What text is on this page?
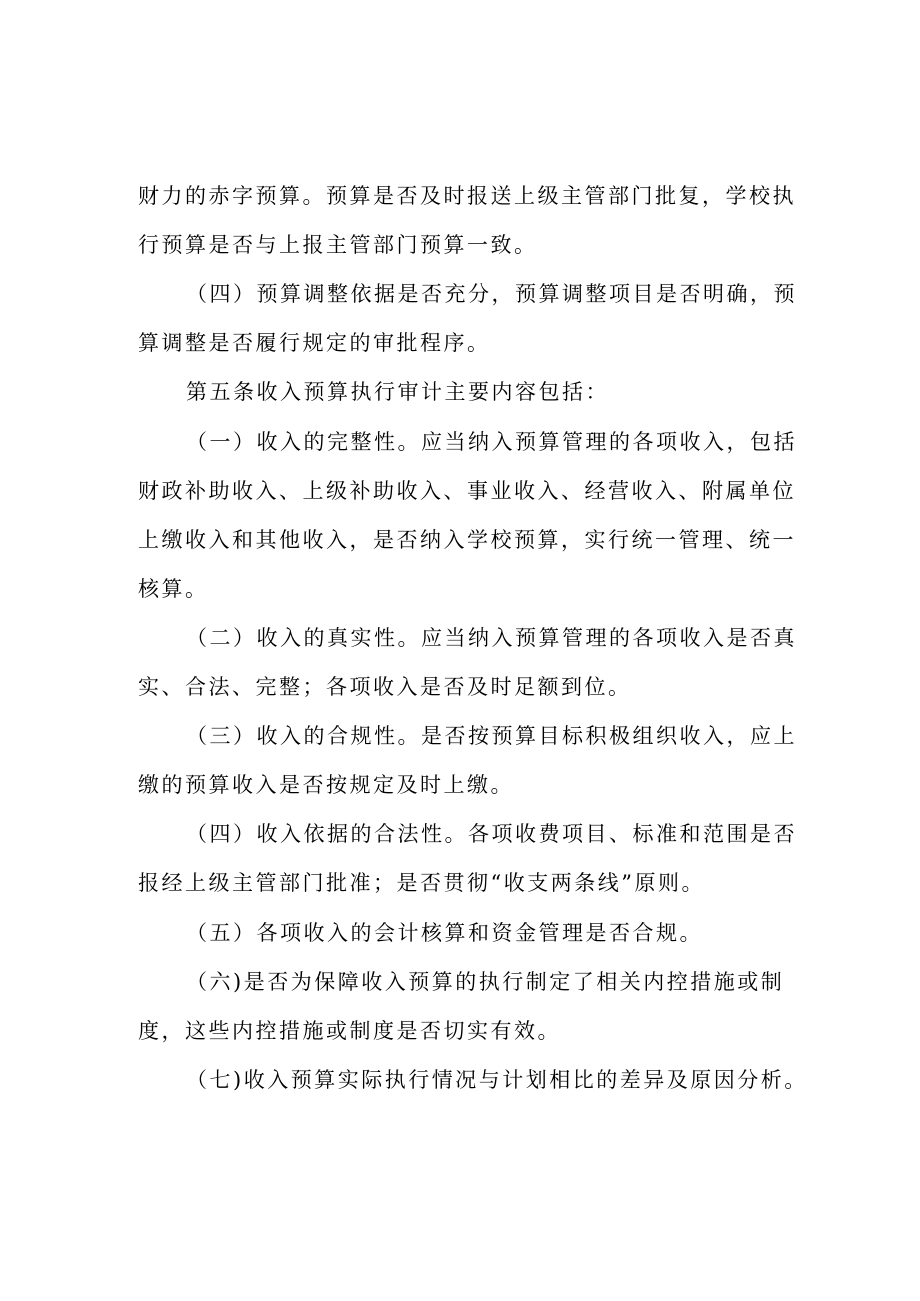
财力的赤字预算。预算是否及时报送上级主管部门批复，学校执
行预算是否与上报主管部门预算一致。

（四）预算调整依据是否充分，预算调整项目是否明确，预
算调整是否履行规定的审批程序。

第五条收入预算执行审计主要内容包括：

（一）收入的完整性。应当纳入预算管理的各项收入，包括
财政补助收入、上级补助收入、事业收入、经营收入、附属单位
上缴收入和其他收入，是否纳入学校预算，实行统一管理、统一
核算。

（二）收入的真实性。应当纳入预算管理的各项收入是否真
实、合法、完整；各项收入是否及时足额到位。

（三）收入的合规性。是否按预算目标积极组织收入，应上
缴的预算收入是否按规定及时上缴。

（四）收入依据的合法性。各项收费项目、标准和范围是否
报经上级主管部门批准；是否贯彻“收支两条线”原则。

（五）各项收入的会计核算和资金管理是否合规。

（六)是否为保障收入预算的执行制定了相关内控措施或制
度，这些内控措施或制度是否切实有效。

（七)收入预算实际执行情况与计划相比的差异及原因分析。
